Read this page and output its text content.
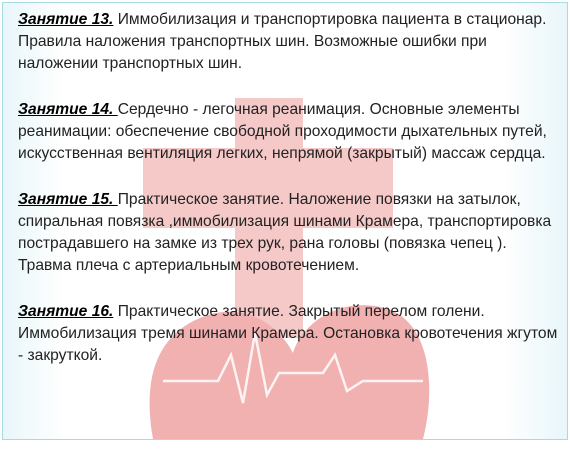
Занятие 13. Иммобилизация и транспортировка пациента в стационар. Правила наложения транспортных шин. Возможные ошибки при наложении транспортных шин.
Занятие 14. Сердечно - легочная реанимация. Основные элементы реанимации: обеспечение свободной проходимости дыхательных путей, искусственная вентиляция легких, непрямой (закрытый) массаж сердца.
Занятие 15. Практическое занятие. Наложение повязки на затылок, спиральная повязка ,иммобилизация шинами Крамера, транспортировка пострадавшего на замке из трех рук, рана головы (повязка чепец ). Травма плеча с артериальным кровотечением.
Занятие 16. Практическое занятие. Закрытый перелом голени. Иммобилизация тремя шинами Крамера. Остановка кровотечения жгутом - закруткой.
